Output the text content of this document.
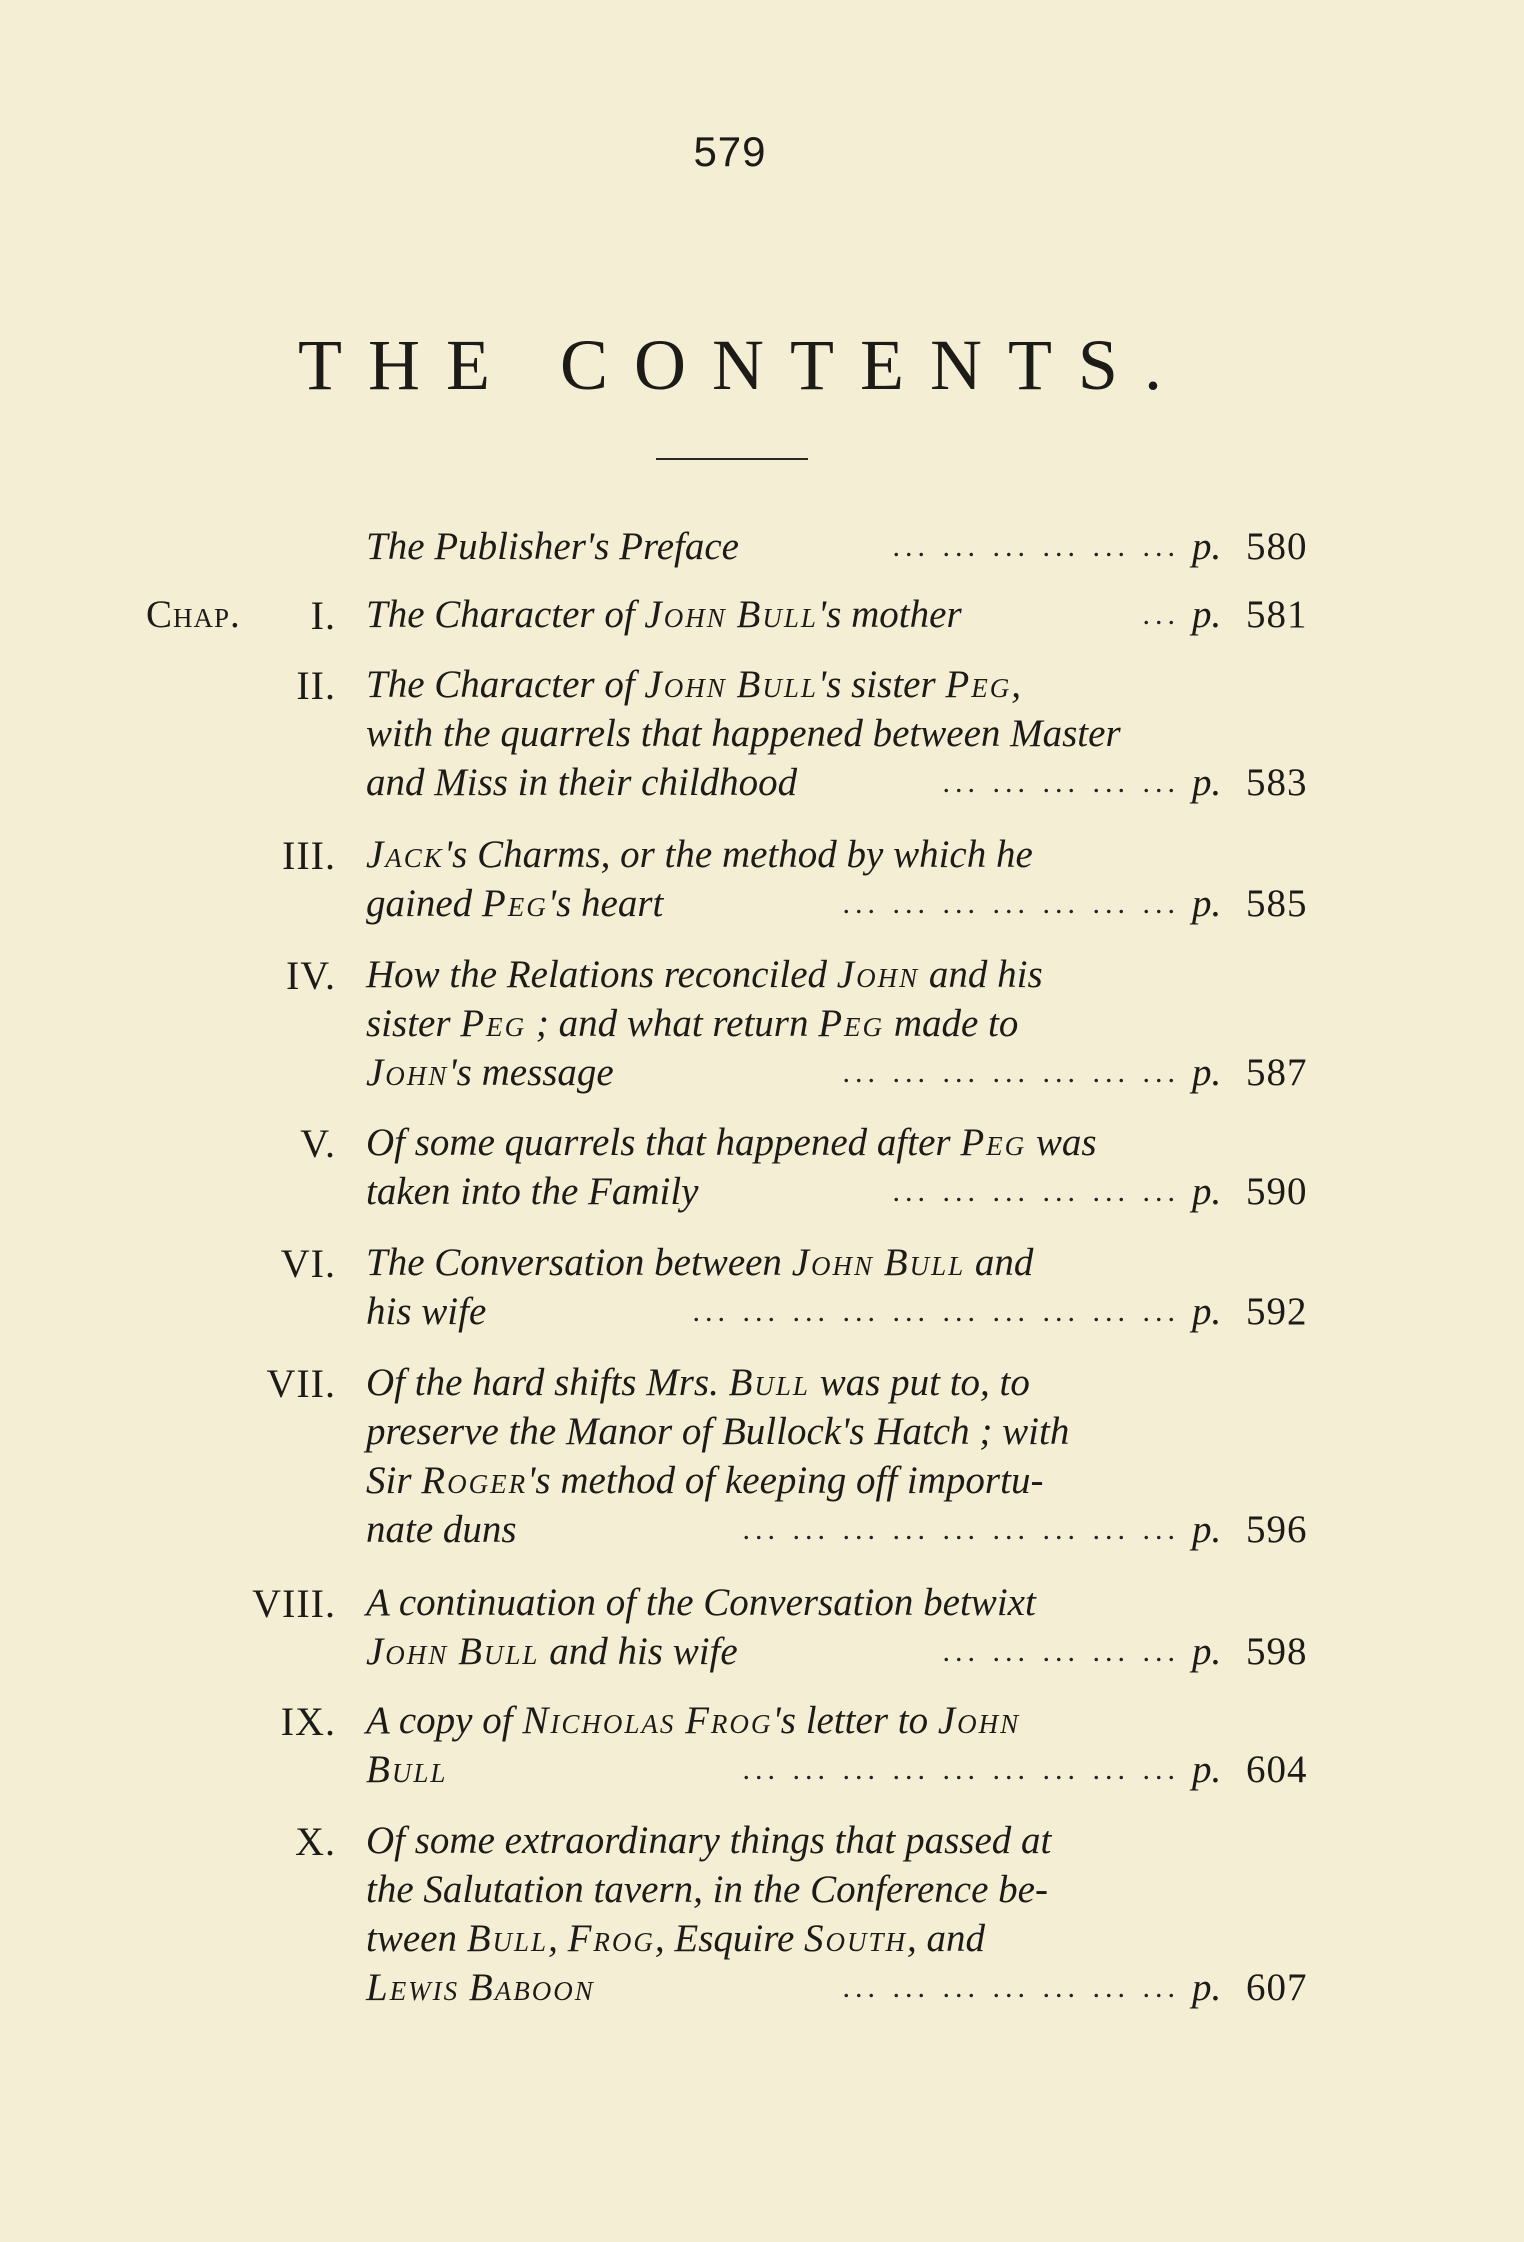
579
THE CONTENTS.
The Publisher's Preface	... ... ... ... ... ... p. 580
Chap. I. The Character of John Bull's mother	... p. 581
II. The Character of John Bull's sister Peg,
with the quarrels that happened between Master
and Miss in their childhood	... ... ... ... ... p. 583
III. Jack's Charms, or the method by which he
gained Peg's heart	... ... ... ... ... ... ... p. 585
IV. How the Relations reconciled John and his
sister Peg ; and what return Peg made to
John's message	... ... ... ... ... ... ... p. 587
V. Of some quarrels that happened after Peg was
taken into the Family	... ... ... ... ... ... p. 590
VI. The Conversation between John Bull and
his wife	... ... ... ... ... ... ... ... ... ... p. 592
VII. Of the hard shifts Mrs. Bull was put to, to
preserve the Manor of Bullock's Hatch ; with
Sir Roger's method of keeping off importu-
nate duns	... ... ... ... ... ... ... ... ... p. 596
VIII. A continuation of the Conversation betwixt
John Bull and his wife	... ... ... ... ... p. 598
IX. A copy of Nicholas Frog's letter to John
Bull	... ... ... ... ... ... ... ... ... p. 604
X. Of some extraordinary things that passed at
the Salutation tavern, in the Conference be-
tween Bull, Frog, Esquire South, and
Lewis Baboon	... ... ... ... ... ... ... p. 607
